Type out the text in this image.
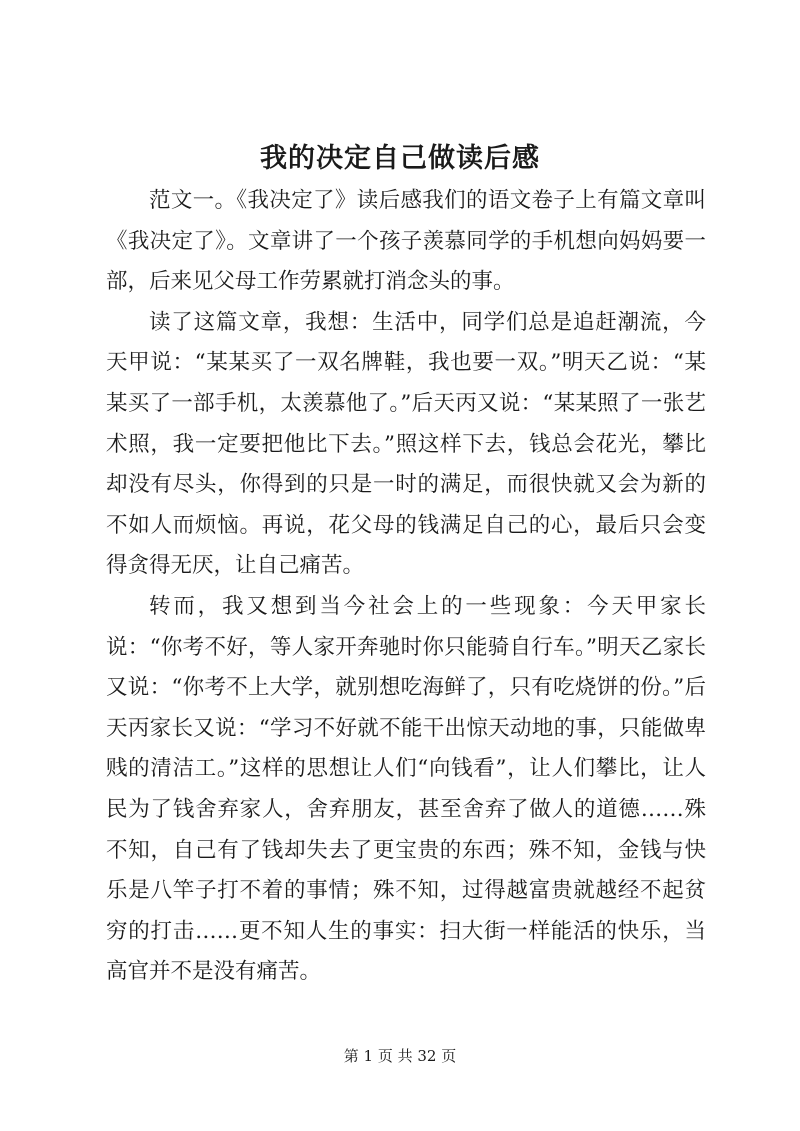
我的决定自己做读后感

范文一。《我决定了》读后感我们的语文卷子上有篇文章叫《我决定了》。文章讲了一个孩子羡慕同学的手机想向妈妈要一部，后来见父母工作劳累就打消念头的事。

读了这篇文章，我想：生活中，同学们总是追赶潮流，今天甲说：“某某买了一双名牌鞋，我也要一双。”明天乙说：“某某买了一部手机，太羡慕他了。”后天丙又说：“某某照了一张艺术照，我一定要把他比下去。”照这样下去，钱总会花光，攀比却没有尽头，你得到的只是一时的满足，而很快就又会为新的不如人而烦恼。再说，花父母的钱满足自己的心，最后只会变得贪得无厌，让自己痛苦。

转而，我又想到当今社会上的一些现象：今天甲家长说：“你考不好，等人家开奔驰时你只能骑自行车。”明天乙家长又说：“你考不上大学，就别想吃海鲜了，只有吃烧饼的份。”后天丙家长又说：“学习不好就不能干出惊天动地的事，只能做卑贱的清洁工。”这样的思想让人们“向钱看”，让人们攀比，让人民为了钱舍弃家人，舍弃朋友，甚至舍弃了做人的道德……殊不知，自己有了钱却失去了更宝贵的东西；殊不知，金钱与快乐是八竿子打不着的事情；殊不知，过得越富贵就越经不起贫穷的打击……更不知人生的事实：扫大街一样能活的快乐，当高官并不是没有痛苦。

第 1 页 共 32 页
